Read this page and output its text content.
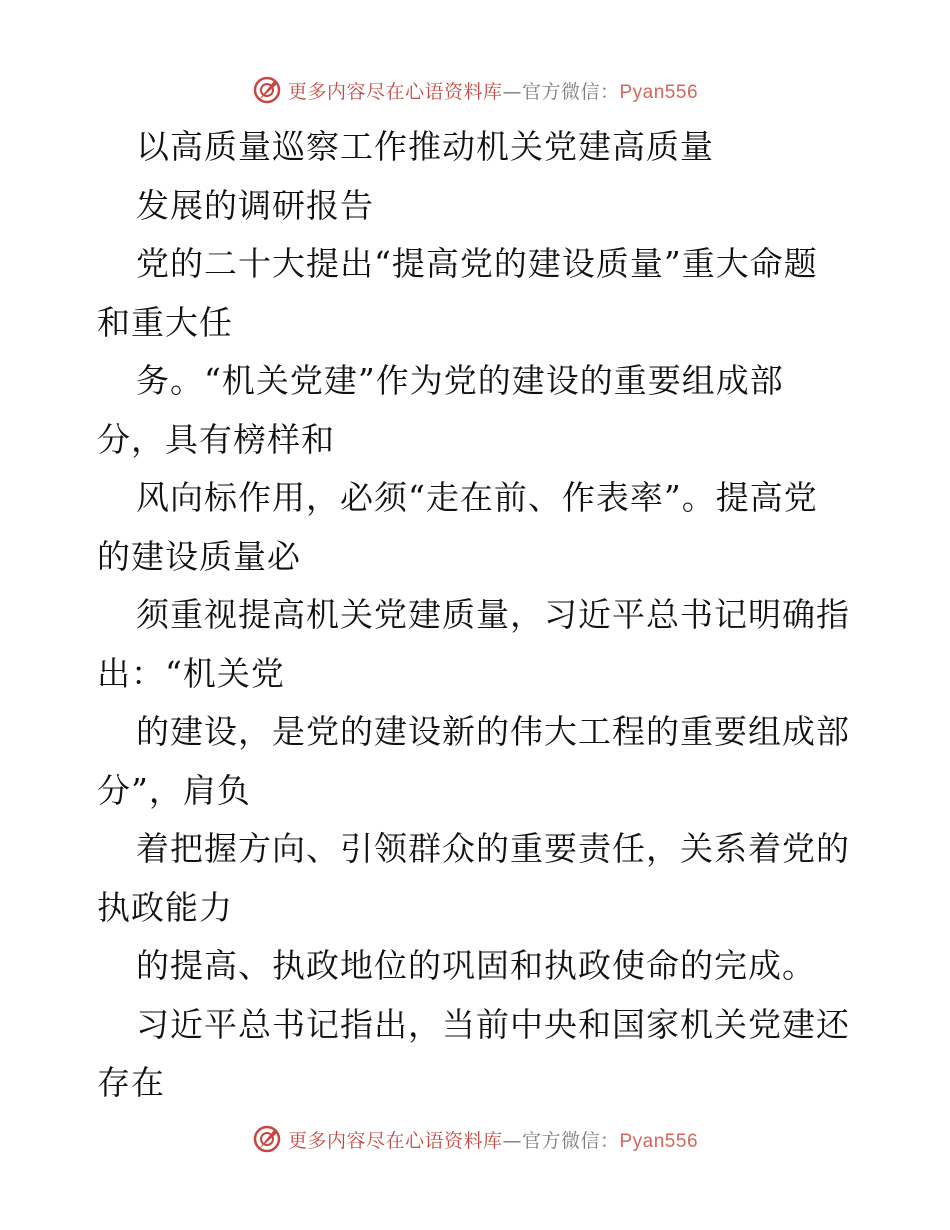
更多内容尽在心语资料库—官方微信：Pyan556
以高质量巡察工作推动机关党建高质量
发展的调研报告
党的二十大提出“提高党的建设质量”重大命题
和重大任
务。“机关党建”作为党的建设的重要组成部
分，具有榜样和
风向标作用，必须“走在前、作表率”。提高党
的建设质量必
须重视提高机关党建质量，习近平总书记明确指
出：“机关党
的建设，是党的建设新的伟大工程的重要组成部
分”，肩负
着把握方向、引领群众的重要责任，关系着党的
执政能力
的提高、执政地位的巩固和执政使命的完成。
习近平总书记指出，当前中央和国家机关党建还
存在
更多内容尽在心语资料库—官方微信：Pyan556
